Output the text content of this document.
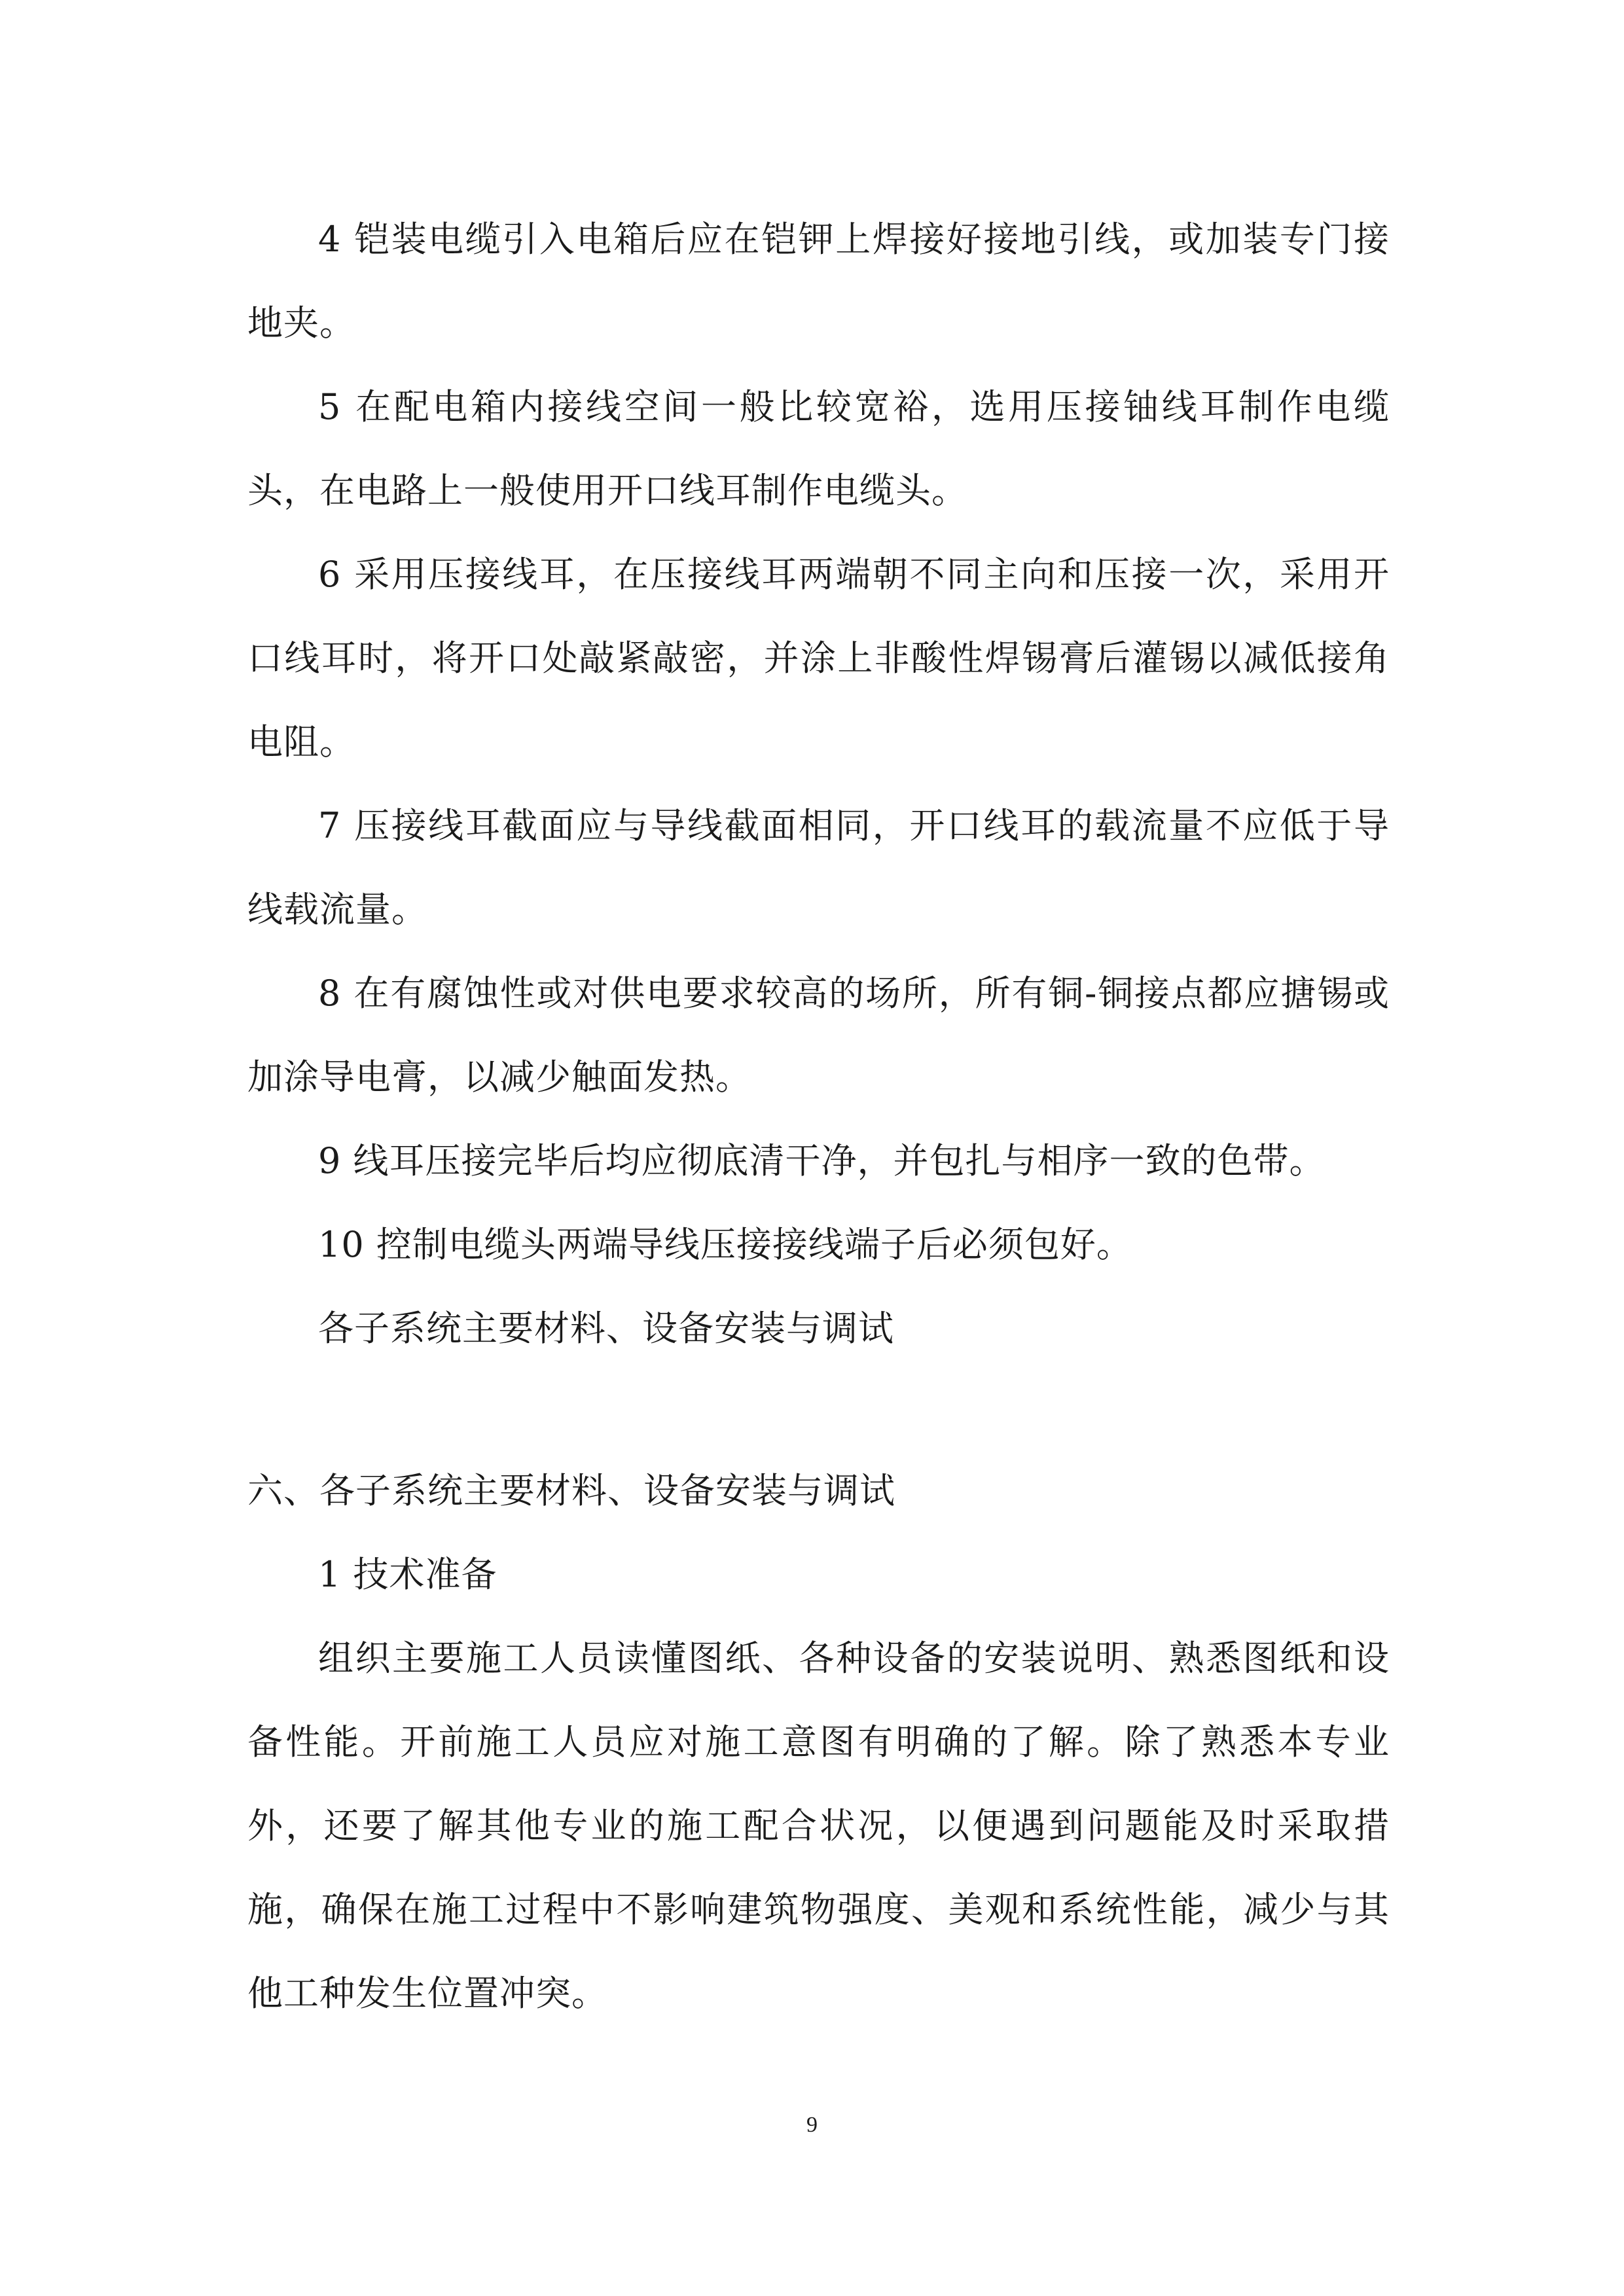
4 铠装电缆引入电箱后应在铠钾上焊接好接地引线，或加装专门接地夹。

5 在配电箱内接线空间一般比较宽裕，选用压接铀线耳制作电缆头，在电路上一般使用开口线耳制作电缆头。

6 采用压接线耳，在压接线耳两端朝不同主向和压接一次，采用开口线耳时，将开口处敲紧敲密，并涂上非酸性焊锡膏后灌锡以减低接角电阻。

7 压接线耳截面应与导线截面相同，开口线耳的载流量不应低于导线载流量。

8 在有腐蚀性或对供电要求较高的场所，所有铜-铜接点都应搪锡或加涂导电膏，以减少触面发热。

9 线耳压接完毕后均应彻底清干净，并包扎与相序一致的色带。

10 控制电缆头两端导线压接接线端子后必须包好。

各子系统主要材料、设备安装与调试

六、各子系统主要材料、设备安装与调试

1 技术准备

组织主要施工人员读懂图纸、各种设备的安装说明、熟悉图纸和设备性能。开前施工人员应对施工意图有明确的了解。除了熟悉本专业外，还要了解其他专业的施工配合状况，以便遇到问题能及时采取措施，确保在施工过程中不影响建筑物强度、美观和系统性能，减少与其他工种发生位置冲突。

9
